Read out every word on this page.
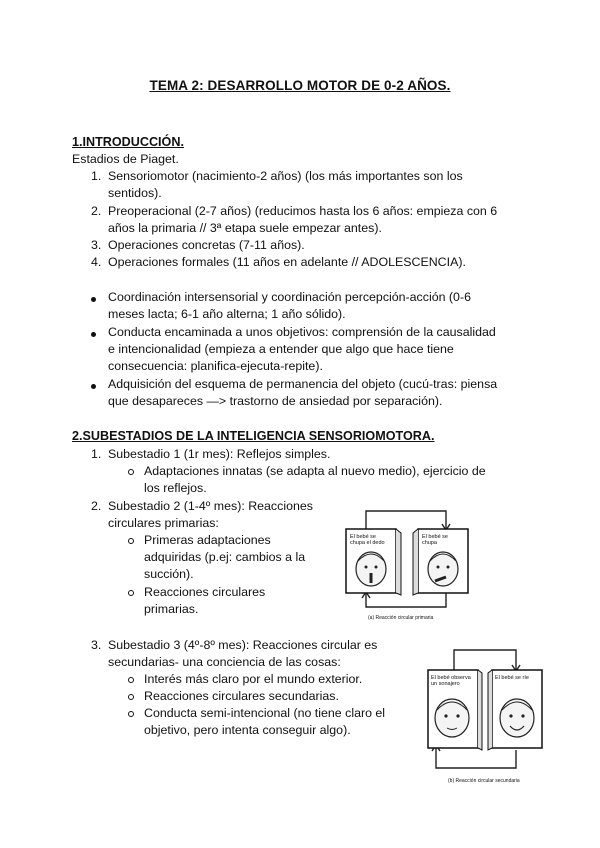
TEMA 2: DESARROLLO MOTOR DE 0-2 AÑOS.
1.INTRODUCCIÓN.
Estadios de Piaget.
1. Sensoriomotor (nacimiento-2 años) (los más importantes son los
sentidos).
2. Preoperacional (2-7 años) (reducimos hasta los 6 años: empieza con 6
años la primaria // 3ª etapa suele empezar antes).
3. Operaciones concretas (7-11 años).
4. Operaciones formales (11 años en adelante // ADOLESCENCIA).
Coordinación intersensorial y coordinación percepción-acción (0-6
meses lacta; 6-1 año alterna; 1 año sólido).
Conducta encaminada a unos objetivos: comprensión de la causalidad
e intencionalidad (empieza a entender que algo que hace tiene
consecuencia: planifica-ejecuta-repite).
Adquisición del esquema de permanencia del objeto (cucú-tras: piensa
que desapareces —> trastorno de ansiedad por separación).
2.SUBESTADIOS DE LA INTELIGENCIA SENSORIOMOTORA.
1. Subestadio 1 (1r mes): Reflejos simples.
Adaptaciones innatas (se adapta al nuevo medio), ejercicio de
los reflejos.
2. Subestadio 2 (1-4º mes): Reacciones
circulares primarias:
Primeras adaptaciones
adquiridas (p.ej: cambios a la
succión).
Reacciones circulares
primarias.
3. Subestadio 3 (4º-8º mes): Reacciones circular es
secundarias- una conciencia de las cosas:
Interés más claro por el mundo exterior.
Reacciones circulares secundarias.
Conducta semi-intencional (no tiene claro el
objetivo, pero intenta conseguir algo).
El bebé se
chupa el dedo
El bebé se
chupa
(a) Reacción circular primaria
El bebé observa
un sonajero
El bebé se ríe
(b) Reacción circular secundaria
